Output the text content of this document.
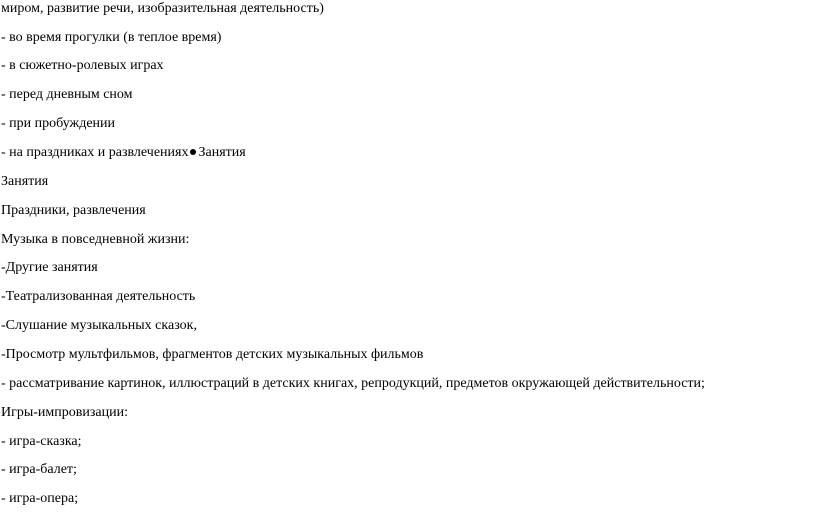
миром, развитие речи, изобразительная деятельность)
- во время прогулки (в теплое время)
- в сюжетно-ролевых играх
- перед дневным сном
- при пробуждении
- на праздниках и развлечениях Занятия
Занятия
Праздники, развлечения
Музыка в повседневной жизни:
-Другие занятия
-Театрализованная деятельность
-Слушание музыкальных сказок,
-Просмотр мультфильмов, фрагментов детских музыкальных фильмов
- рассматривание картинок, иллюстраций в детских книгах, репродукций, предметов окружающей действительности;
Игры-импровизации:
- игра-сказка;
- игра-балет;
- игра-опера;
